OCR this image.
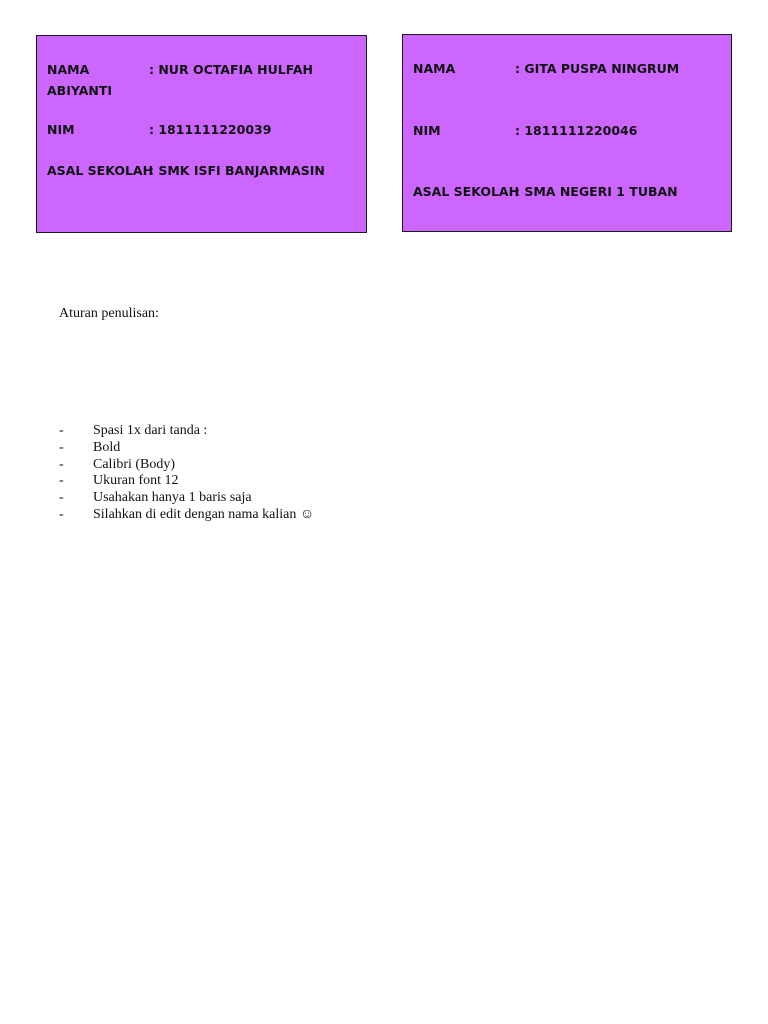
NAMA	: NUR OCTAFIA HULFAH
ABIYANTI
NIM	: 1811111220039
ASAL SEKOLAH: SMK ISFI BANJARMASIN
NAMA	: GITA PUSPA NINGRUM
NIM	: 1811111220046
ASAL SEKOLAH: SMA NEGERI 1 TUBAN
Aturan penulisan:
- Spasi 1x dari tanda :
- Bold
- Calibri (Body)
- Ukuran font 12
- Usahakan hanya 1 baris saja
- Silahkan di edit dengan nama kalian ☺
